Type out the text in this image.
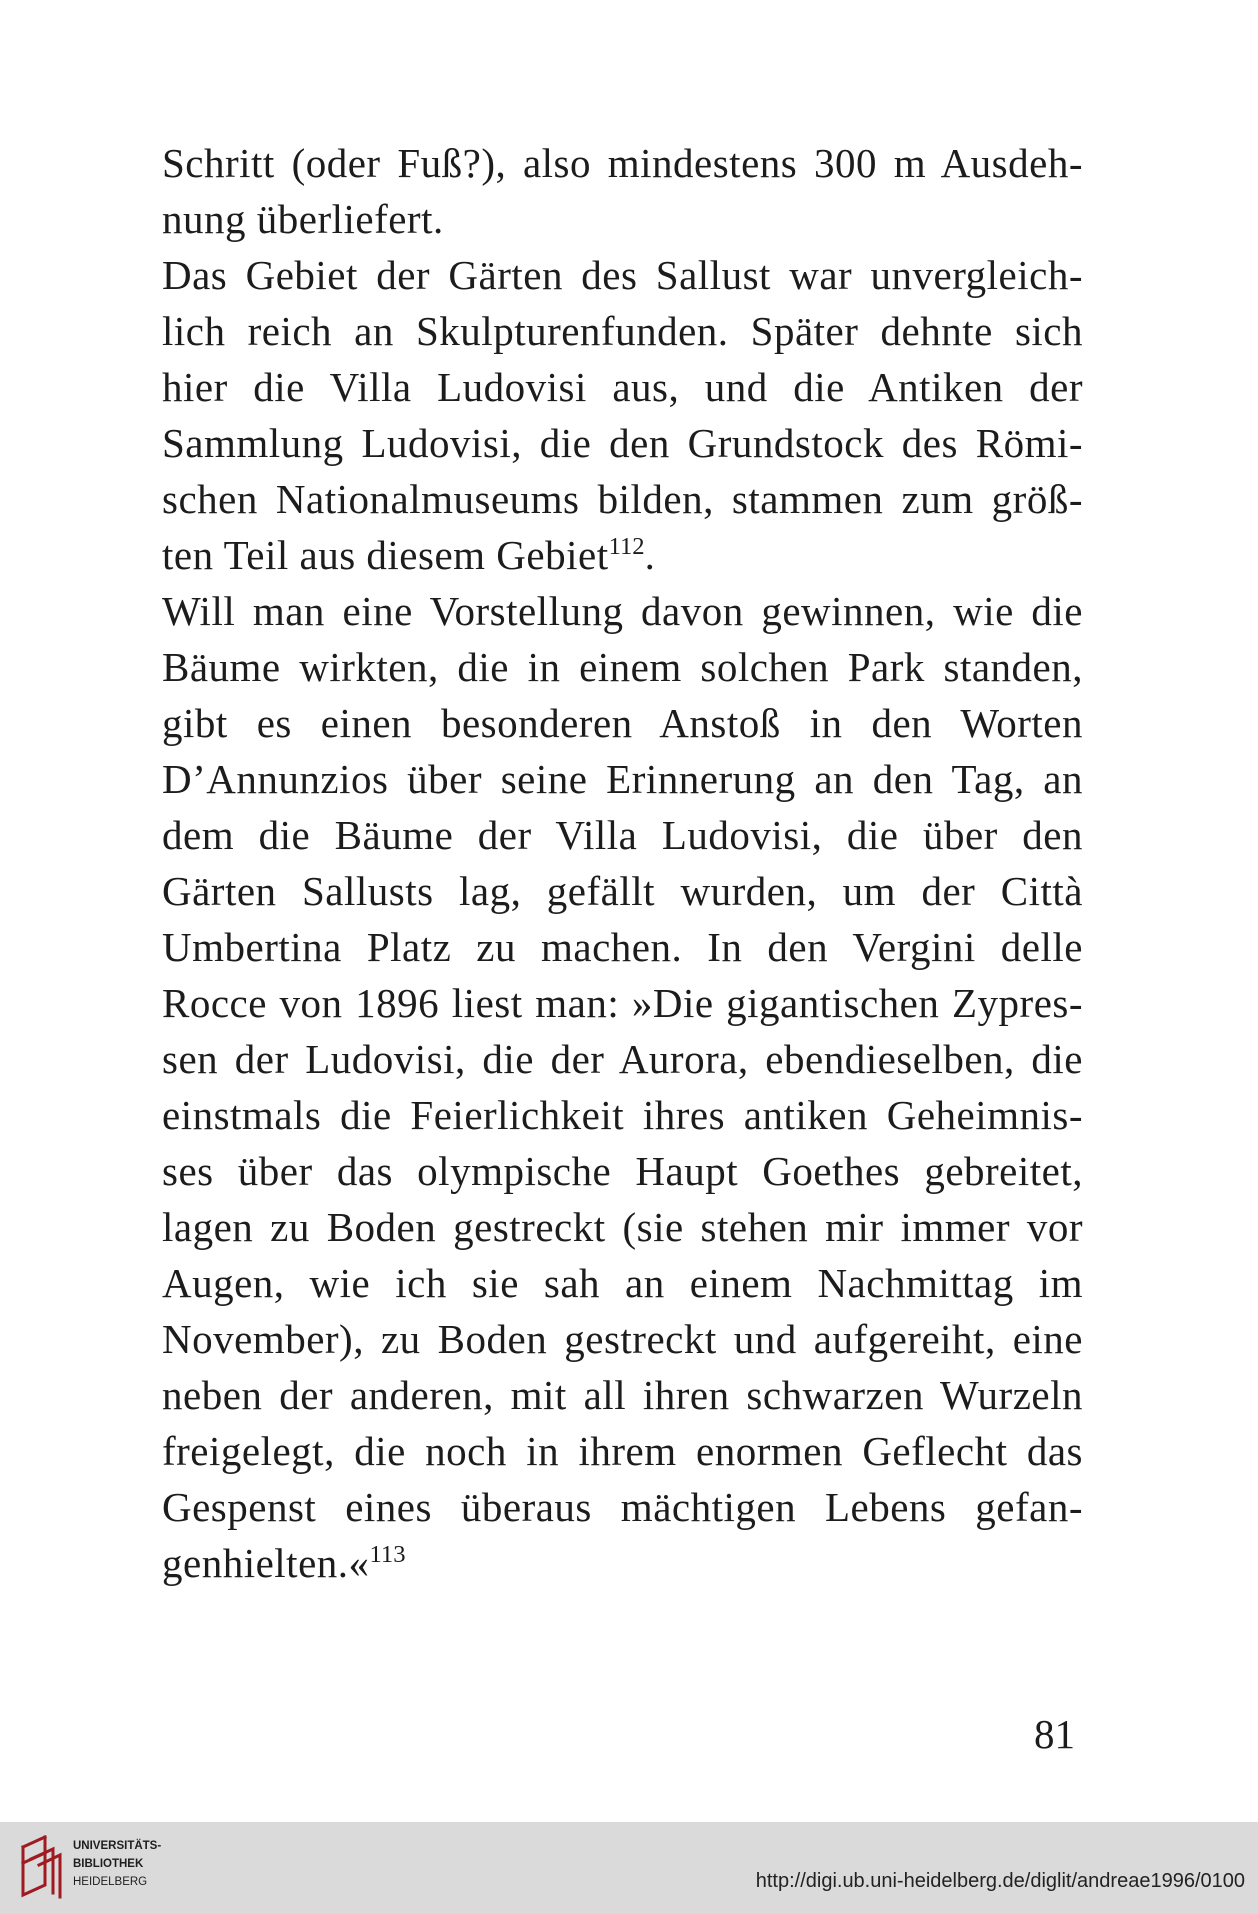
Schritt (oder Fuß?), also mindestens 300 m Ausdeh-
nung überliefert.
Das Gebiet der Gärten des Sallust war unvergleich-
lich reich an Skulpturenfunden. Später dehnte sich
hier die Villa Ludovisi aus, und die Antiken der
Sammlung Ludovisi, die den Grundstock des Römi-
schen Nationalmuseums bilden, stammen zum größ-
ten Teil aus diesem Gebiet$^{112}$.
Will man eine Vorstellung davon gewinnen, wie die
Bäume wirkten, die in einem solchen Park standen,
gibt es einen besonderen Anstoß in den Worten
D’Annunzios über seine Erinnerung an den Tag, an
dem die Bäume der Villa Ludovisi, die über den
Gärten Sallusts lag, gefällt wurden, um der Città
Umbertina Platz zu machen. In den Vergini delle
Rocce von 1896 liest man: »Die gigantischen Zypres-
sen der Ludovisi, die der Aurora, ebendieselben, die
einstmals die Feierlichkeit ihres antiken Geheimnis-
ses über das olympische Haupt Goethes gebreitet,
lagen zu Boden gestreckt (sie stehen mir immer vor
Augen, wie ich sie sah an einem Nachmittag im
November), zu Boden gestreckt und aufgereiht, eine
neben der anderen, mit all ihren schwarzen Wurzeln
freigelegt, die noch in ihrem enormen Geflecht das
Gespenst eines überaus mächtigen Lebens gefan-
genhielten.«$^{113}$
81
UNIVERSITÄTS-
BIBLIOTHEK
HEIDELBERG	http://digi.ub.uni-heidelberg.de/diglit/andreae1996/0100
